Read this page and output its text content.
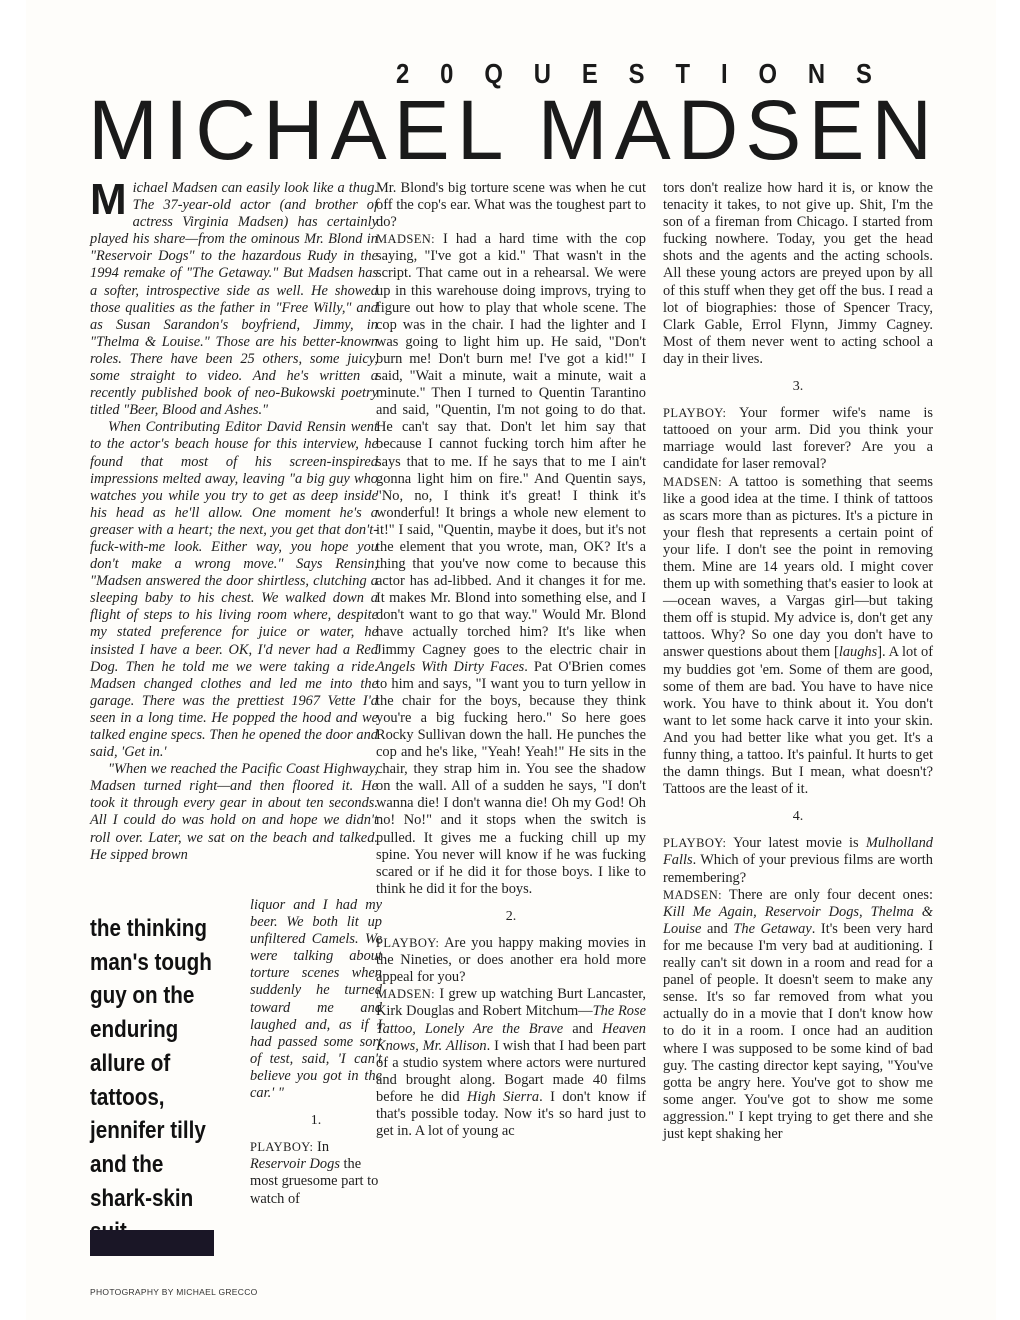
2 0 Q U E S T I O N S
MICHAEL MADSEN

Michael Madsen can easily look like a thug. The 37-year-old actor (and brother of actress Virginia Madsen) has certainly played his share—from the ominous Mr. Blond in "Reservoir Dogs" to the hazardous Rudy in the 1994 remake of "The Getaway." But Madsen has a softer, introspective side as well. He showed those qualities as the father in "Free Willy," and as Susan Sarandon's boyfriend, Jimmy, in "Thelma & Louise." Those are his better-known roles. There have been 25 others, some juicy, some straight to video. And he's written a recently published book of neo-Bukowski poetry titled "Beer, Blood and Ashes."

When Contributing Editor David Rensin went to the actor's beach house for this interview, he found that most of his screen-inspired impressions melted away, leaving "a big guy who watches you while you try to get as deep inside his head as he'll allow. One moment he's a greaser with a heart; the next, you get that don't-fuck-with-me look. Either way, you hope you don't make a wrong move." Says Rensin, "Madsen answered the door shirtless, clutching a sleeping baby to his chest. We walked down a flight of steps to his living room where, despite my stated preference for juice or water, he insisted I have a beer. OK, I'd never had a Red Dog. Then he told me we were taking a ride. Madsen changed clothes and led me into the garage. There was the prettiest 1967 Vette I'd seen in a long time. He popped the hood and we talked engine specs. Then he opened the door and said, 'Get in.'

"When we reached the Pacific Coast Highway, Madsen turned right—and then floored it. He took it through every gear in about ten seconds. All I could do was hold on and hope we didn't roll over. Later, we sat on the beach and talked. He sipped brown

the thinking man's tough guy on the enduring allure of tattoos, jennifer tilly and the shark-skin
liquor and I had my beer. We both lit up unfiltered Camels. We were talking about torture scenes when suddenly he turned toward me and laughed and, as if I had passed some sort of test, said, 'I can't believe you got in the car.' "
1.
PLAYBOY: In Reservoir Dogs the most gruesome part to watch of

Mr. Blond's big torture scene was when he cut off the cop's ear. What was the toughest part to do?

MADSEN: I had a hard time with the cop saying, "I've got a kid." That wasn't in the script. That came out in a rehearsal. We were up in this warehouse doing improvs, trying to figure out how to play that whole scene. The cop was in the chair. I had the lighter and I was going to light him up. He said, "Don't burn me! Don't burn me! I've got a kid!" I said, "Wait a minute, wait a minute, wait a minute." Then I turned to Quentin Tarantino and said, "Quentin, I'm not going to do that. He can't say that. Don't let him say that because I cannot fucking torch him after he says that to me. If he says that to me I ain't gonna light him on fire." And Quentin says, "No, no, I think it's great! I think it's wonderful! It brings a whole new element to it!" I said, "Quentin, maybe it does, but it's not the element that you wrote, man, OK? It's a thing that you've now come to because this actor has ad-libbed. And it changes it for me. It makes Mr. Blond into something else, and I don't want to go that way." Would Mr. Blond have actually torched him? It's like when Jimmy Cagney goes to the electric chair in Angels With Dirty Faces. Pat O'Brien comes to him and says, "I want you to turn yellow in the chair for the boys, because they think you're a big fucking hero." So here goes Rocky Sullivan down the hall. He punches the cop and he's like, "Yeah! Yeah!" He sits in the chair, they strap him in. You see the shadow on the wall. All of a sudden he says, "I don't wanna die! I don't wanna die! Oh my God! Oh no! No!" and it stops when the switch is pulled. It gives me a fucking chill up my spine. You never will know if he was fucking scared or if he did it for those boys. I like to think he did it for the boys.

2.

PLAYBOY: Are you happy making movies in the Nineties, or does another era hold more appeal for you?

MADSEN: I grew up watching Burt Lancaster, Kirk Douglas and Robert Mitchum—The Rose Tattoo, Lonely Are the Brave and Heaven Knows, Mr. Allison. I wish that I had been part of a studio system where actors were nurtured and brought along. Bogart made 40 films before he did High Sierra. I don't know if that's possible today. Now it's so hard just to get in. A lot of young ac

tors don't realize how hard it is, or know the tenacity it takes, to not give up. Shit, I'm the son of a fireman from Chicago. I started from fucking nowhere. Today, you get the head shots and the agents and the acting schools. All these young actors are preyed upon by all of this stuff when they get off the bus. I read a lot of biographies: those of Spencer Tracy, Clark Gable, Errol Flynn, Jimmy Cagney. Most of them never went to acting school a day in their lives.

3.

PLAYBOY: Your former wife's name is tattooed on your arm. Did you think your marriage would last forever? Are you a candidate for laser removal?

MADSEN: A tattoo is something that seems like a good idea at the time. I think of tattoos as scars more than as pictures. It's a picture in your flesh that represents a certain point of your life. I don't see the point in removing them. Mine are 14 years old. I might cover them up with something that's easier to look at—ocean waves, a Vargas girl—but taking them off is stupid. My advice is, don't get any tattoos. Why? So one day you don't have to answer questions about them [laughs]. A lot of my buddies got 'em. Some of them are good, some of them are bad. You have to have nice work. You have to think about it. You don't want to let some hack carve it into your skin. And you had better like what you get. It's a funny thing, a tattoo. It's painful. It hurts to get the damn things. But I mean, what doesn't? Tattoos are the least of it.

4.

PLAYBOY: Your latest movie is Mulholland Falls. Which of your previous films are worth remembering?

MADSEN: There are only four decent ones: Kill Me Again, Reservoir Dogs, Thelma & Louise and The Getaway. It's been very hard for me because I'm very bad at auditioning. I really can't sit down in a room and read for a panel of people. It doesn't seem to make any sense. It's so far removed from what you actually do in a movie that I don't know how to do it in a room. I once had an audition where I was supposed to be some kind of bad guy. The casting director kept saying, "You've gotta be angry here. You've got to show me some anger. You've got to show me some aggression." I kept trying to get there and she just kept shaking her

PHOTOGRAPHY BY MICHAEL GRECCO
